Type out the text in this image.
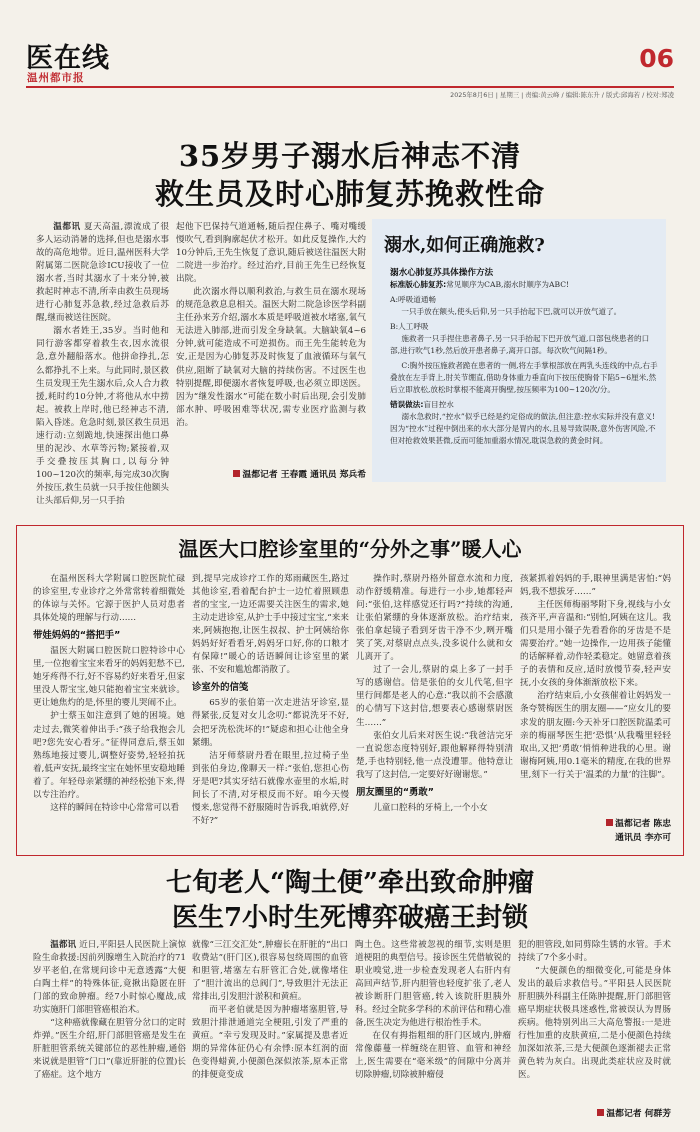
医在线
温州都市报
06
2025年8月6日 | 星期三 | 责编:黄云峰 / 编辑:陈东升 / 版式:邱海若 / 校对:郑凌
35岁男子溺水后神志不清
救生员及时心肺复苏挽救性命

温都讯 夏天高温,漂流成了很多人运动消暑的选择,但也是溺水事故的高危地带。近日,温州医科大学附属第二医院急诊ICU接收了一位溺水者,当时其溺水了十来分钟,被救起时神志不清,所幸由救生员现场进行心肺复苏急救,经过急救后苏醒,继而被送往医院。

溺水者姓王,35岁。当时他和同行游客都穿着救生衣,因水流很急,意外翻船落水。他拼命挣扎,怎么都挣扎不上来。与此同时,景区救生员发现王先生溺水后,众人合力救援,耗时约10分钟,才将他从水中捞起。被救上岸时,他已经神志不清,陷入昏迷。危急时刻,景区救生员迅速行动:立刻跪地,快速探出他口鼻里的泥沙、水草等污物;紧接着,双手交叠按压其胸口,以每分钟100~120次的频率,每完成30次胸外按压,救生员就一只手按住他额头让头部后仰,另一只手抬

起他下巴保持气道通畅,随后捏住鼻子、嘴对嘴缓慢吹气,看到胸廓起伏才松开。如此反复操作,大约10分钟后,王先生恢复了意识,随后被送往温医大附二院进一步治疗。经过治疗,目前王先生已经恢复出院。

此次溺水得以顺利救治,与救生员在溺水现场的规范急救息息相关。温医大附二院急诊医学科副主任孙来芳介绍,溺水本质是呼吸道被水堵塞,氧气无法进入肺部,进而引发全身缺氧。大脑缺氧4~6分钟,就可能造成不可逆损伤。而王先生能转危为安,正是因为心肺复苏及时恢复了血液循环与氧气供应,阻断了缺氧对大脑的持续伤害。不过医生也特别提醒,即便溺水者恢复呼吸,也必须立即送医。因为“继发性溺水”可能在数小时后出现,会引发肺部水肿、呼吸困难等状况,需专业医疗监测与救治。

温都记者 王春霞 通讯员 郑兵希
溺水,如何正确施救?
溺水心肺复苏具体操作方法
标准版心肺复苏:常见顺序为CAB,溺水时顺序为ABC!
A:呼吸道通畅
一只手放在额头,使头后仰,另一只手抬起下巴,就可以开放气道了。
B:人工呼吸
施救者一只手捏住患者鼻子,另一只手抬起下巴开放气道,口部包绕患者的口部,进行吹气1秒,然后放开患者鼻子,离开口部。每次吹气间隔1秒。
C:胸外按压施救者跪在患者的一侧,将左手掌根部放在两乳头连线的中点,右手叠放在左手背上,肘关节绷直,借助身体重力垂直向下按压使胸骨下陷5~6厘米,然后立即放松,放松时掌根不能离开胸壁,按压频率为100~120次/分。
错误做法:盲目控水
溺水急救时,“控水”似乎已经是约定俗成的做法,但注意:控水实际并没有意义!因为“控水”过程中倒出来的水大部分是胃内的水,且易导致误吸,意外伤害风险,不但对抢救效果甚微,反而可能加重溺水情况,耽误急救的黄金时间。
温医大口腔诊室里的“分外之事”暖人心

在温州医科大学附属口腔医院忙碌的诊室里,专业诊疗之外常常转着细微处的体谅与关怀。它源于医护人员对患者具体处境的理解与行动……

带娃妈妈的“搭把手”

温医大附属口腔医院口腔特诊中心里,一位抱着宝宝来看牙的妈妈犯愁不已,她牙疼得不行,好不容易约好来看牙,但家里没人帮宝宝,她只能抱着宝宝来就诊。更让她焦灼的是,怀里的婴儿哭闹不止。

护士蔡玉如注意到了她的困境。她走过去,微笑着伸出手:“孩子给我抱会儿吧?您先安心看牙。”征得同意后,蔡玉如熟练地接过婴儿,调整好姿势,轻轻拍抚着,低声安抚,最终宝宝在她怀里安稳地睡着了。年轻母亲紧绷的神经松弛下来,得以专注治疗。

这样的瞬间在特诊中心常常可以看

到,提早完成诊疗工作的郑雨藏医生,路过其他诊室,看着配台护士一边忙着照顾患者的宝宝,一边还需要关注医生的需求,她主动走进诊室,从护士手中接过宝宝,“来来来,阿姨抱抱,让医生叔叔、护士阿姨给你妈妈好好看看牙,妈妈牙口好,你的口粮才有保障!”暖心的话语瞬间让诊室里的紧张、不安和尴尬都消散了。

诊室外的信笺

65岁的张伯第一次走进洁牙诊室,显得紧张,反复对女儿念叨:“都说洗牙不好,会把牙洗松洗坏的!”疑虑和担心让他全身紧绷。

洁牙师蔡尉丹看在眼里,拉过椅子坐到张伯身边,像聊天一样:“张伯,您担心伤牙是吧?其实牙结石就像水壶里的水垢,时间长了不清,对牙根反而不好。咱今天慢慢来,您觉得不舒服随时告诉我,咱就停,好不好?”

操作时,蔡尉丹格外留意水流和力度,动作舒缓精准。每进行一小步,她都轻声问:“张伯,这样感觉还行吗?”持续的沟通,让张伯紧绷的身体逐渐放松。治疗结束,张伯拿起镜子看到牙齿干净不少,咧开嘴笑了笑,对蔡尉点点头,没多说什么就和女儿离开了。

过了一会儿,蔡尉的桌上多了一封手写的感谢信。信是张伯的女儿代笔,但字里行间都是老人的心意:“我以前不会感激的心情写下这封信,想要表心感谢蔡尉医生……”

张伯女儿后来对医生说:“我爸洁完牙一直说您态度特别好,跟他解释得特别清楚,手也特别轻,他一点没遭罪。他特意让我写了这封信,一定要好好谢谢您。”

朋友圈里的“勇敢”

儿童口腔科的牙椅上,一个小女

孩紧抓着妈妈的手,眼神里满是害怕:“妈妈,我不想拔牙……”

主任医师梅丽琴附下身,视线与小女孩齐平,声音温和:“别怕,阿姨在这儿。我们只是用小镊子先看看你的牙齿是不是需要治疗。”她一边操作,一边用孩子能懂的话解释着,动作轻柔稳定。她留意着孩子的表情和反应,适时放慢节奏,轻声安抚,小女孩的身体渐渐放松下来。

治疗结束后,小女孩催着让妈妈发一条夸赞梅医生的朋友圈——“应女儿的要求发的朋友圈:今天补牙口腔医院温柔可亲的梅丽琴医生把‘恐惧’从我嘴里轻轻取出,又把‘勇敢’悄悄种进我的心里。谢谢梅阿姨,用0.1毫米的精度,在我的世界里,刻下一行关于‘温柔的力量’的注脚”。

温都记者 陈忠
通讯员 李亦可
七旬老人“陶土便”牵出致命肿瘤
医生7小时生死博弈破癌王封锁

温都讯 近日,平阳县人民医院上演惊险生命救援:因前列腺增生入院治疗的71岁平老伯,在常规问诊中无意透露“大便白陶土样”的特殊体征,竟揪出隐匿在肝门部的致命肿瘤。经7小时惊心魔战,成功实施肝门部胆管癌根治术。

“这种癌就像藏在胆管分岔口的定时炸弹。”医生介绍,肝门部胆管癌是发生在肝脏胆管系统关键部位的恶性肿瘤,通俗来说就是胆管“门口”(靠近肝脏的位置)长了癌症。这个地方

就像“三江交汇处”,肿瘤长在肝脏的“出口收费站”(肝门区),很容易包绕周围的血管和胆管,堵塞左右肝管汇合处,就像堵住了“胆汁流出的总阀门”,导致胆汁无法正常排出,引发胆汁淤积和黄疸。

而平老伯就是因为肿瘤堵塞胆管,导致胆汁排泄通道完全梗阻,引发了严重的黄疸。“幸亏发现及时。”家属提及患者近期的异常体征仍心有余悸:原本红润的面色变得蜡黄,小便颜色深似浓茶,原本正常的排便竟变成

陶土色。这些常被忽视的细节,实则是胆道梗阻的典型信号。接诊医生凭借敏锐的职业嗅觉,进一步检查发现老人右肝内有高回声结节,肝内胆管也轻度扩张了,老人被诊断肝门胆管癌,转入该院肝胆胰外科。经过全院多学科的术前评估和精心准备,医生决定为他进行根治性手术。

在仅有拇指粗细的肝门区域内,肿瘤常像藤蔓一样缠绕在胆管、血管和神经上,医生需要在“毫米级”的间隙中分离并切除肿瘤,切除被肿瘤侵

犯的胆管段,如同剪除生锈的水管。手术持续了7个多小时。

“大便颜色的细微变化,可能是身体发出的最后求救信号。”平阳县人民医院肝胆胰外科副主任陈肿提醒,肝门部胆管癌早期症状极具迷惑性,常被误认为胃肠疾病。他特别列出三大高危警报:一是进行性加重的皮肤黄疸,二是小便颜色持续加深如浓茶,三是大便颜色逐渐褪去正常黄色转为灰白。出现此类症状应及时就医。

温都记者 何群芳
